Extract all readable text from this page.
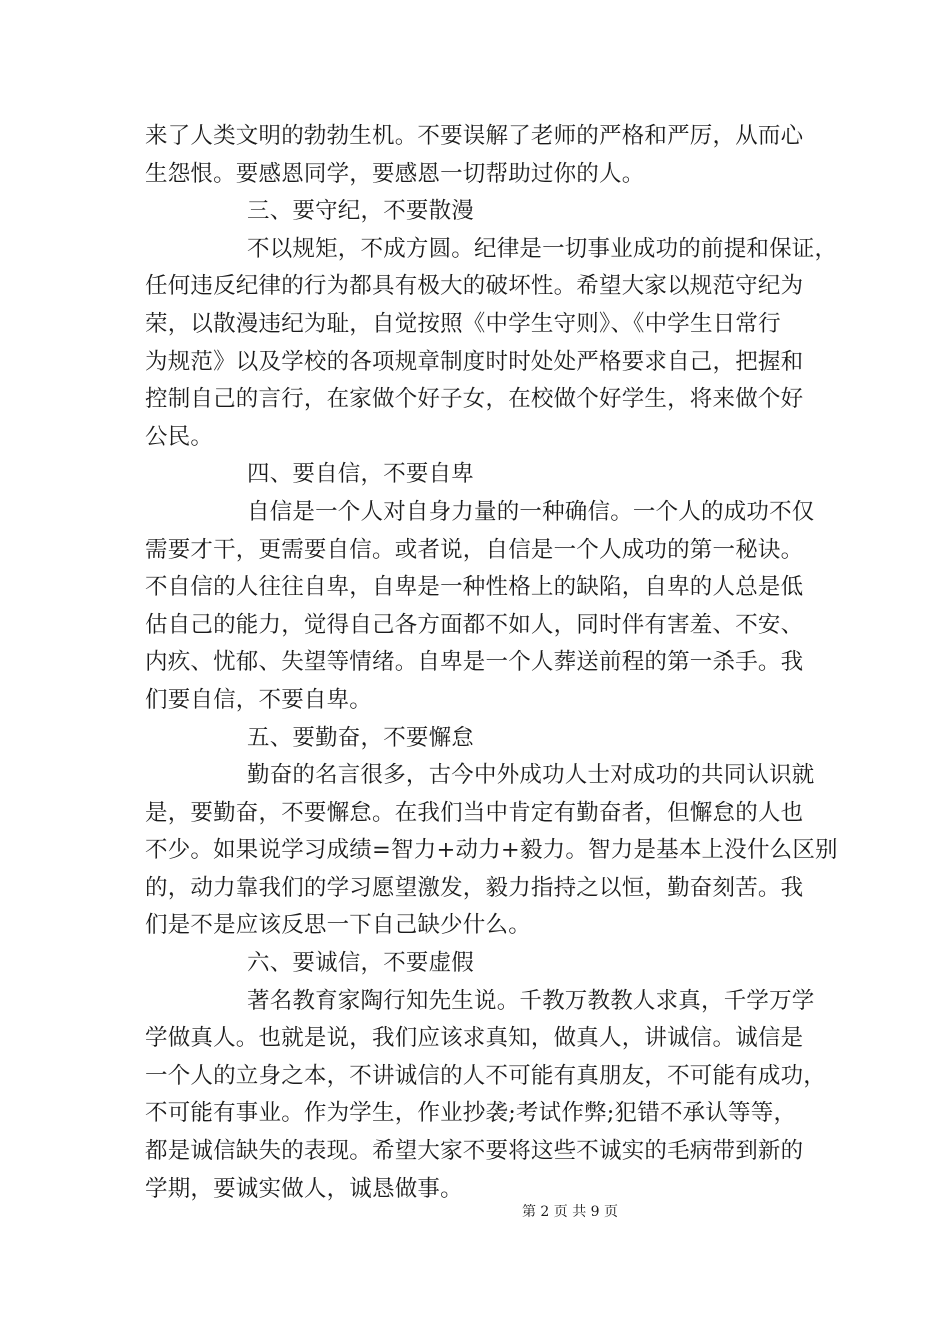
来了人类文明的勃勃生机。不要误解了老师的严格和严厉，从而心
生怨恨。要感恩同学，要感恩一切帮助过你的人。
三、要守纪，不要散漫
不以规矩，不成方圆。纪律是一切事业成功的前提和保证，
任何违反纪律的行为都具有极大的破坏性。希望大家以规范守纪为
荣，以散漫违纪为耻，自觉按照《中学生守则》、《中学生日常行
为规范》以及学校的各项规章制度时时处处严格要求自己，把握和
控制自己的言行，在家做个好子女，在校做个好学生，将来做个好
公民。
四、要自信，不要自卑
自信是一个人对自身力量的一种确信。一个人的成功不仅
需要才干，更需要自信。或者说，自信是一个人成功的第一秘诀。
不自信的人往往自卑，自卑是一种性格上的缺陷，自卑的人总是低
估自己的能力，觉得自己各方面都不如人，同时伴有害羞、不安、
内疚、忧郁、失望等情绪。自卑是一个人葬送前程的第一杀手。我
们要自信，不要自卑。
五、要勤奋，不要懈怠
勤奋的名言很多，古今中外成功人士对成功的共同认识就
是，要勤奋，不要懈怠。在我们当中肯定有勤奋者，但懈怠的人也
不少。如果说学习成绩=智力+动力+毅力。智力是基本上没什么区别
的，动力靠我们的学习愿望激发，毅力指持之以恒，勤奋刻苦。我
们是不是应该反思一下自己缺少什么。
六、要诚信，不要虚假
著名教育家陶行知先生说。千教万教教人求真，千学万学
学做真人。也就是说，我们应该求真知，做真人，讲诚信。诚信是
一个人的立身之本，不讲诚信的人不可能有真朋友，不可能有成功，
不可能有事业。作为学生，作业抄袭;考试作弊;犯错不承认等等，
都是诚信缺失的表现。希望大家不要将这些不诚实的毛病带到新的
学期，要诚实做人，诚恳做事。
第 2 页 共 9 页
